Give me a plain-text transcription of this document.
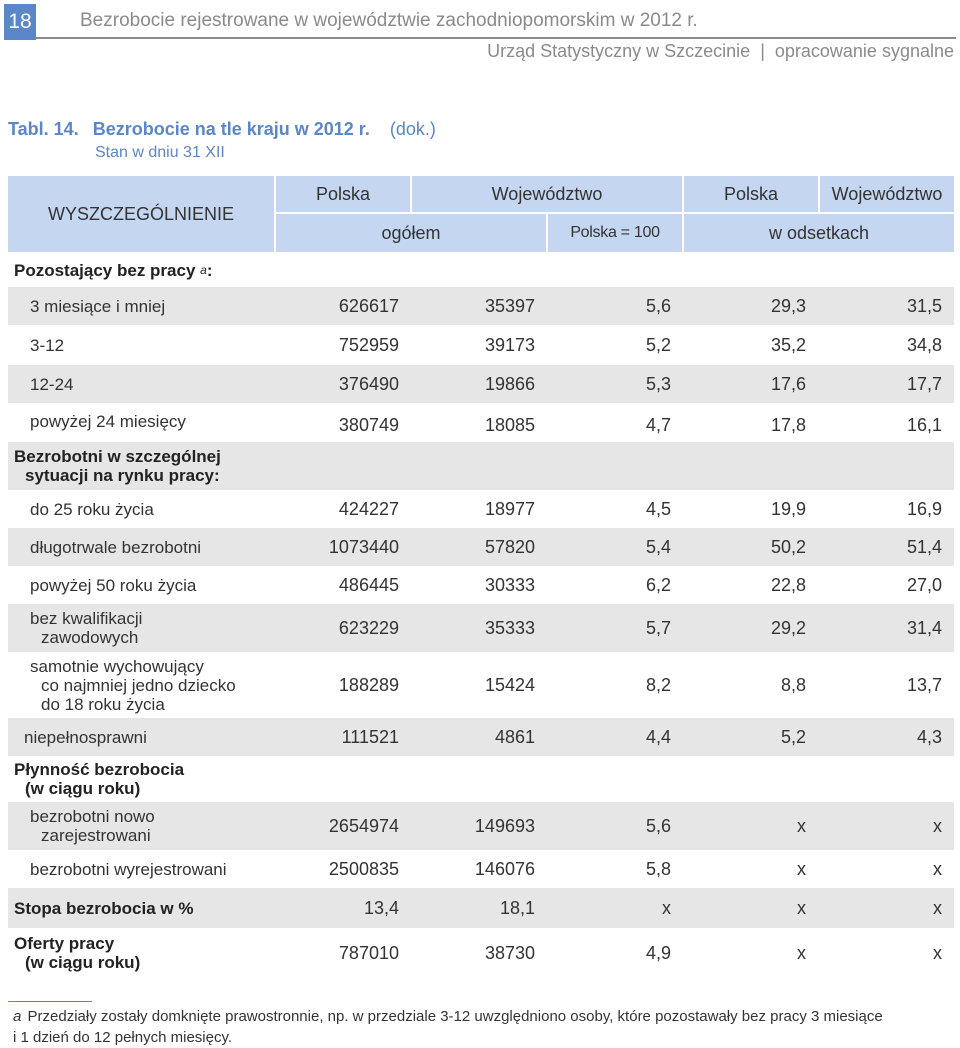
18	Bezrobocie rejestrowane w województwie zachodniopomorskim w 2012 r.
Urząd Statystyczny w Szczecinie | opracowanie sygnalne
Tabl. 14. Bezrobocie na tle kraju w 2012 r. (dok.)
Stan w dniu 31 XII
WYSZCZEGÓLNIENIE
Polska	Województwo	Polska	Województwo
ogółem	Polska = 100	w odsetkach
Pozostający bez pracy
a :
3 miesiące i mniej	626617	35397	5,6	29,3	31,5
3-12	752959	39173	5,2	35,2	34,8
12-24	376490	19866	5,3	17,6	17,7
powyżej 24 miesięcy	380749	18085	4,7	17,8	16,1
Bezrobotni w szczególnej
sytuacji na rynku pracy:
do 25 roku życia	424227	18977	4,5	19,9	16,9
długotrwale bezrobotni	1073440	57820	5,4	50,2	51,4
powyżej 50 roku życia	486445	30333	6,2	22,8	27,0
bez kwalifikacji
zawodowych	623229	35333	5,7	29,2	31,4
samotnie wychowujący
co najmniej jedno dziecko
do 18 roku życia
188289	15424	8,2	8,8	13,7
niepełnosprawni	111521	4861	4,4	5,2	4,3
Płynność bezrobocia
(w ciągu roku)
bezrobotni nowo
zarejestrowani	2654974	149693	5,6	x	x
bezrobotni wyrejestrowani	2500835	146076	5,8	x	x
Stopa bezrobocia w %	13,4	18,1	x	x	x
Oferty pracy
(w ciągu roku)	787010	38730	4,9	x	x
a Przedziały zostały domknięte prawostronnie, np. w przedziale 3-12 uwzględniono osoby, które pozostawały bez pracy 3 miesiące
i 1 dzień do 12 pełnych miesięcy.
